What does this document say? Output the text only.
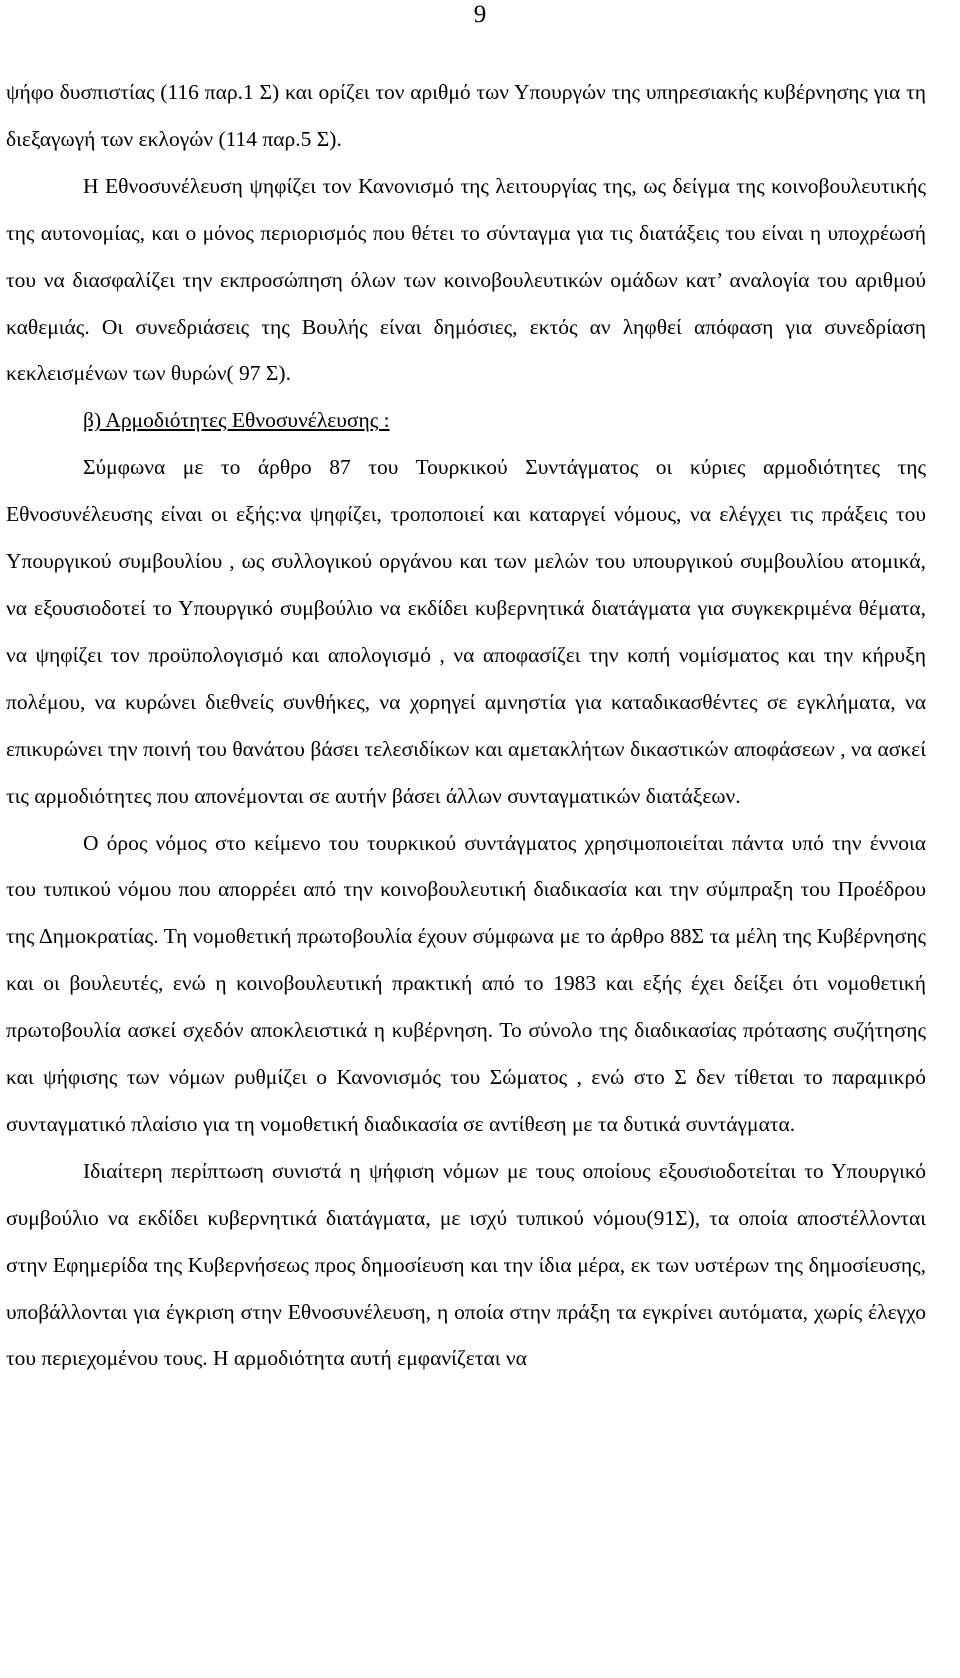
9

ψήφο δυσπιστίας (116 παρ.1 Σ) και ορίζει τον αριθμό των Υπουργών της υπηρεσιακής κυβέρνησης για τη διεξαγωγή των εκλογών (114 παρ.5 Σ).

Η Εθνοσυνέλευση ψηφίζει τον Κανονισμό της λειτουργίας της, ως δείγμα της κοινοβουλευτικής της αυτονομίας, και ο μόνος περιορισμός που θέτει το σύνταγμα για τις διατάξεις του είναι η υποχρέωσή του να διασφαλίζει την εκπροσώπηση όλων των κοινοβουλευτικών ομάδων κατ’ αναλογία του αριθμού καθεμιάς. Οι συνεδριάσεις της Βουλής είναι δημόσιες, εκτός αν ληφθεί απόφαση για συνεδρίαση κεκλεισμένων των θυρών( 97 Σ).

β) Αρμοδιότητες Εθνοσυνέλευσης :

Σύμφωνα με το άρθρο 87 του Τουρκικού Συντάγματος οι κύριες αρμοδιότητες της Εθνοσυνέλευσης είναι οι εξής:να ψηφίζει, τροποποιεί και καταργεί νόμους, να ελέγχει τις πράξεις του Υπουργικού συμβουλίου , ως συλλογικού οργάνου και των μελών του υπουργικού συμβουλίου ατομικά, να εξουσιοδοτεί το Υπουργικό συμβούλιο να εκδίδει κυβερνητικά διατάγματα για συγκεκριμένα θέματα, να ψηφίζει τον προϋπολογισμό και απολογισμό , να αποφασίζει την κοπή νομίσματος και την κήρυξη πολέμου, να κυρώνει διεθνείς συνθήκες, να χορηγεί αμνηστία για καταδικασθέντες σε εγκλήματα, να επικυρώνει την ποινή του θανάτου βάσει τελεσιδίκων και αμετακλήτων δικαστικών αποφάσεων , να ασκεί τις αρμοδιότητες που απονέμονται σε αυτήν βάσει άλλων συνταγματικών διατάξεων.

Ο όρος νόμος στο κείμενο του τουρκικού συντάγματος χρησιμοποιείται πάντα υπό την έννοια του τυπικού νόμου που απορρέει από την κοινοβουλευτική διαδικασία και την σύμπραξη του Προέδρου της Δημοκρατίας. Τη νομοθετική πρωτοβουλία έχουν σύμφωνα με το άρθρο 88Σ τα μέλη της Κυβέρνησης και οι βουλευτές, ενώ η κοινοβουλευτική πρακτική από το 1983 και εξής έχει δείξει ότι νομοθετική πρωτοβουλία ασκεί σχεδόν αποκλειστικά η κυβέρνηση. Το σύνολο της διαδικασίας πρότασης συζήτησης και ψήφισης των νόμων ρυθμίζει ο Κανονισμός του Σώματος , ενώ στο Σ δεν τίθεται το παραμικρό συνταγματικό πλαίσιο για τη νομοθετική διαδικασία σε αντίθεση με τα δυτικά συντάγματα.

Ιδιαίτερη περίπτωση συνιστά η ψήφιση νόμων με τους οποίους εξουσιοδοτείται το Υπουργικό συμβούλιο να εκδίδει κυβερνητικά διατάγματα, με ισχύ τυπικού νόμου(91Σ), τα οποία αποστέλλονται στην Εφημερίδα της Κυβερνήσεως προς δημοσίευση και την ίδια μέρα, εκ των υστέρων της δημοσίευσης, υποβάλλονται για έγκριση στην Εθνοσυνέλευση, η οποία στην πράξη τα εγκρίνει αυτόματα, χωρίς έλεγχο του περιεχομένου τους. Η αρμοδιότητα αυτή εμφανίζεται να
